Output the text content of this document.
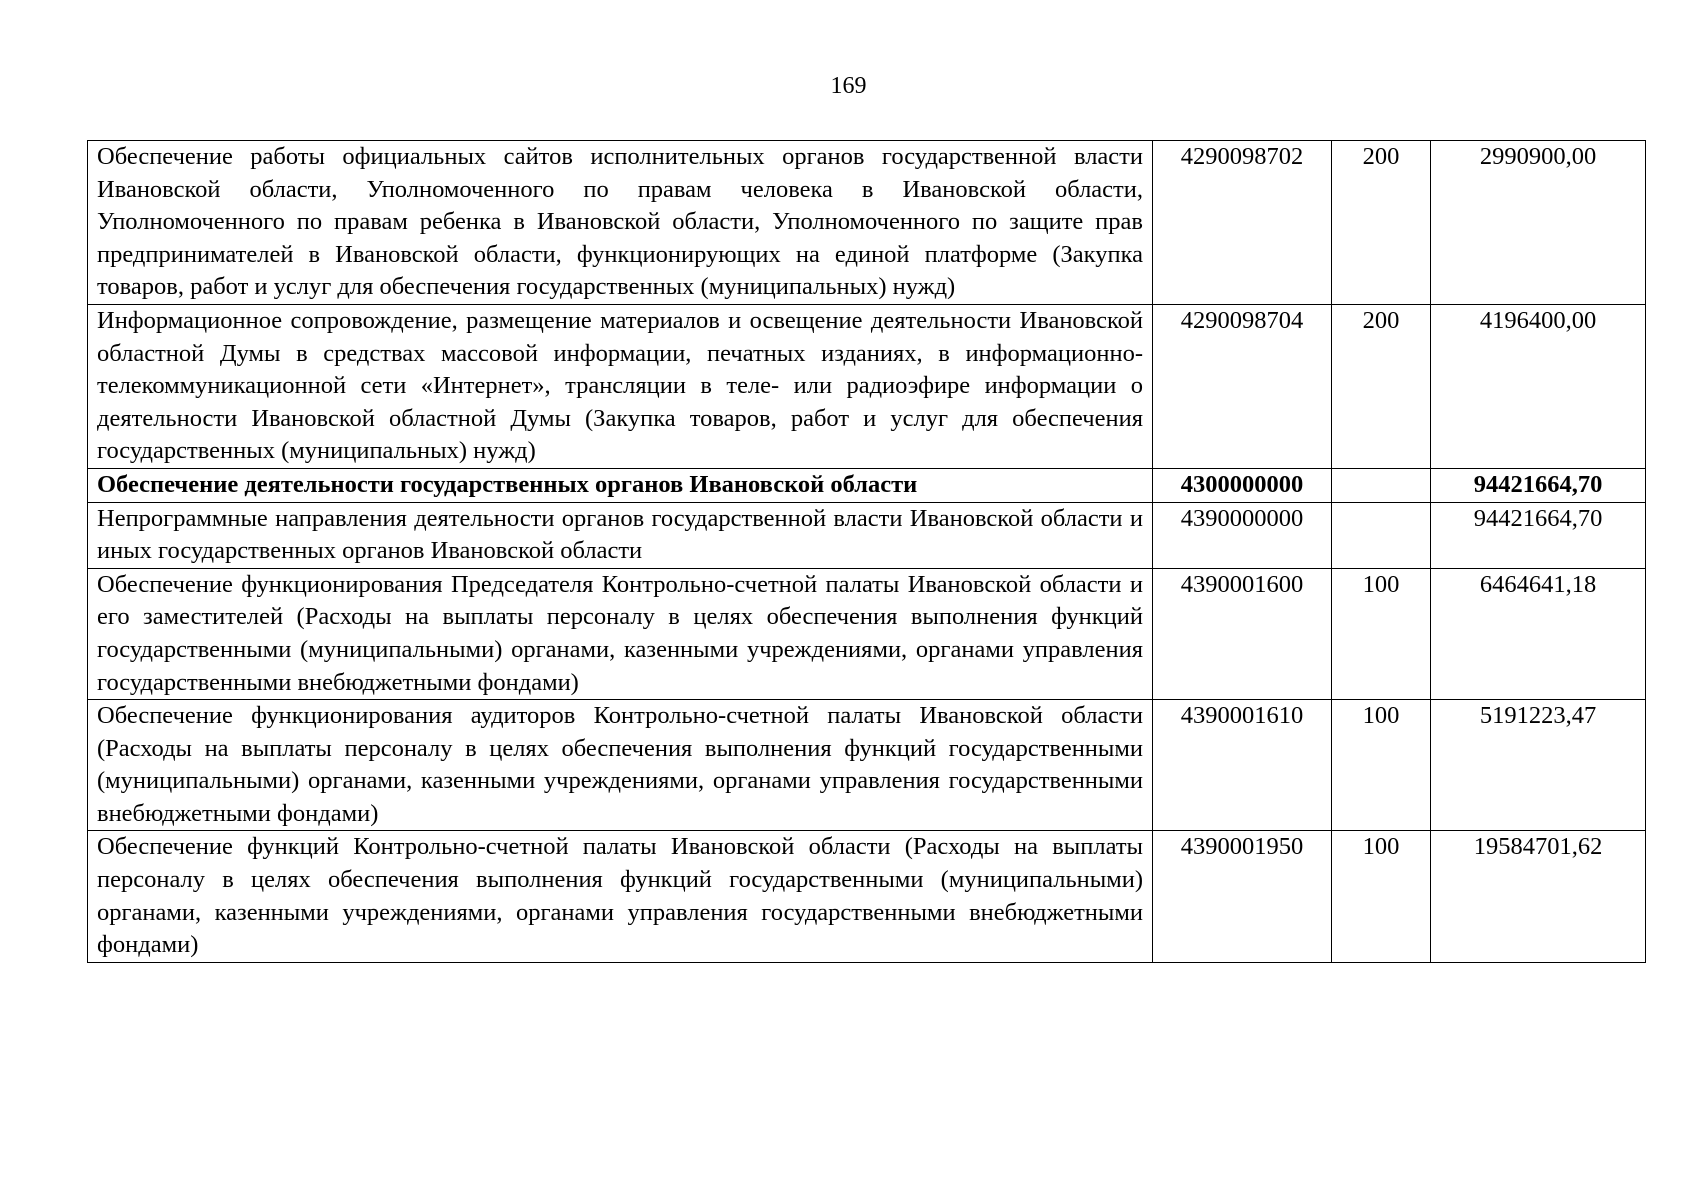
169
Обеспечение работы официальных сайтов исполнительных органов государственной власти Ивановской области, Уполномоченного по правам человека в Ивановской области, Уполномоченного по правам ребенка в Ивановской области, Уполномоченного по защите прав предпринимателей в Ивановской области, функционирующих на единой платформе (Закупка товаров, работ и услуг для обеспечения государственных (муниципальных) нужд)	4290098702	200	2990900,00
Информационное сопровождение, размещение материалов и освещение деятельности Ивановской областной Думы в средствах массовой информации, печатных изданиях, в информационно-телекоммуникационной сети «Интернет», трансляции в теле- или радиоэфире информации о деятельности Ивановской областной Думы (Закупка товаров, работ и услуг для обеспечения государственных (муниципальных) нужд)	4290098704	200	4196400,00
Обеспечение деятельности государственных органов Ивановской области	4300000000		94421664,70
Непрограммные направления деятельности органов государственной власти Ивановской области и иных государственных органов Ивановской области	4390000000		94421664,70
Обеспечение функционирования Председателя Контрольно-счетной палаты Ивановской области и его заместителей (Расходы на выплаты персоналу в целях обеспечения выполнения функций государственными (муниципальными) органами, казенными учреждениями, органами управления государственными внебюджетными фондами)	4390001600	100	6464641,18
Обеспечение функционирования аудиторов Контрольно-счетной палаты Ивановской области (Расходы на выплаты персоналу в целях обеспечения выполнения функций государственными (муниципальными) органами, казенными учреждениями, органами управления государственными внебюджетными фондами)	4390001610	100	5191223,47
Обеспечение функций Контрольно-счетной палаты Ивановской области (Расходы на выплаты персоналу в целях обеспечения выполнения функций государственными (муниципальными) органами, казенными учреждениями, органами управления государственными внебюджетными фондами)	4390001950	100	19584701,62
